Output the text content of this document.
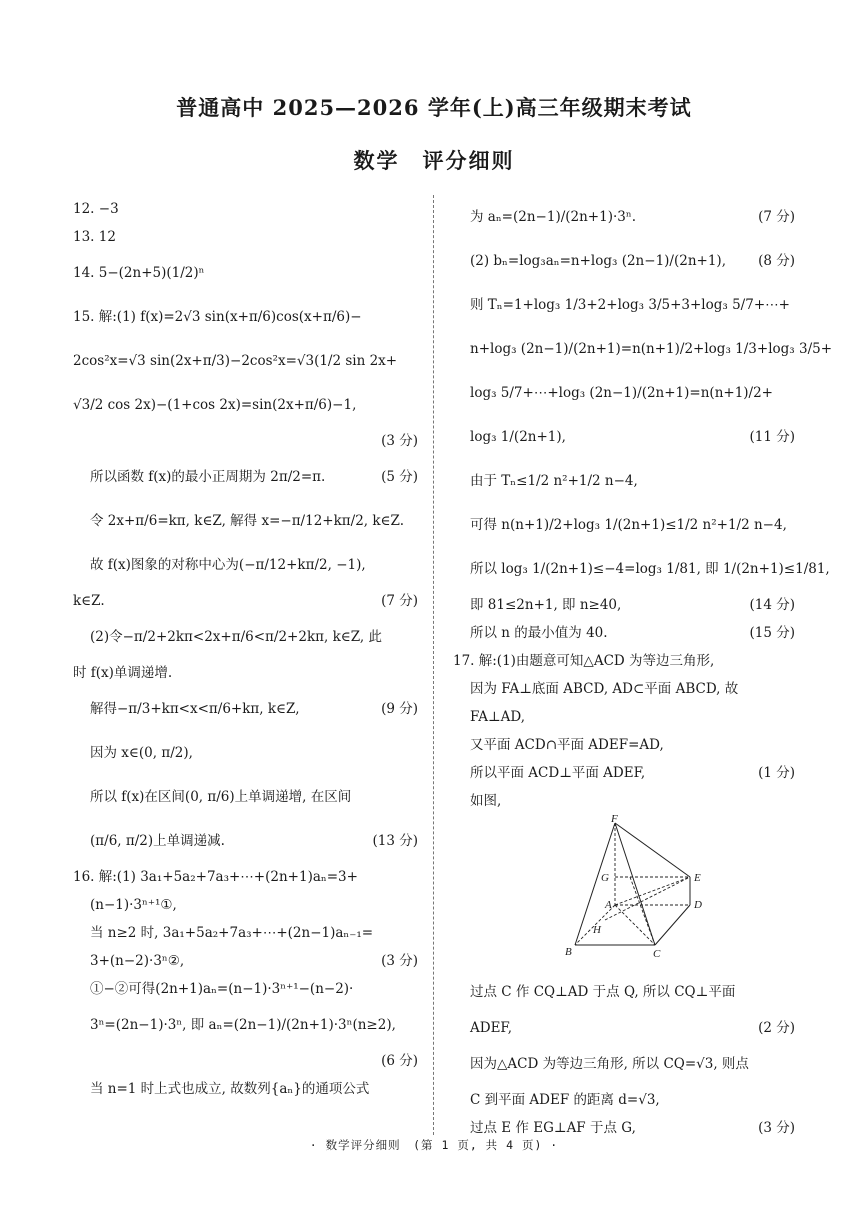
普通高中 2025—2026 学年(上)高三年级期末考试
数学　评分细则
12. −3
13. 12
14. 5−(2n+5)(1/2)ⁿ
15. 解:(1) f(x)=2√3 sin(x+π/6)cos(x+π/6)−
2cos²x=√3 sin(2x+π/3)−2cos²x=√3(1/2 sin 2x+
√3/2 cos 2x)−(1+cos 2x)=sin(2x+π/6)−1,
(3 分)
所以函数 f(x)的最小正周期为 2π/2=π.	(5 分)
令 2x+π/6=kπ, k∈Z, 解得 x=−π/12+kπ/2, k∈Z.
故 f(x)图象的对称中心为(−π/12+kπ/2, −1),
k∈Z.	(7 分)
(2)令−π/2+2kπ<2x+π/6<π/2+2kπ, k∈Z, 此
时 f(x)单调递增.
解得−π/3+kπ<x<π/6+kπ, k∈Z,	(9 分)
因为 x∈(0, π/2),
所以 f(x)在区间(0, π/6)上单调递增, 在区间
(π/6, π/2)上单调递减.	(13 分)
16. 解:(1) 3a₁+5a₂+7a₃+⋯+(2n+1)aₙ=3+
(n−1)·3ⁿ⁺¹①,
当 n≥2 时, 3a₁+5a₂+7a₃+⋯+(2n−1)aₙ₋₁=
3+(n−2)·3ⁿ②,	(3 分)
①−②可得(2n+1)aₙ=(n−1)·3ⁿ⁺¹−(n−2)·
3ⁿ=(2n−1)·3ⁿ, 即 aₙ=(2n−1)/(2n+1)·3ⁿ(n≥2),
(6 分)
当 n=1 时上式也成立, 故数列{aₙ}的通项公式
为 aₙ=(2n−1)/(2n+1)·3ⁿ.	(7 分)
(2) bₙ=log₃aₙ=n+log₃ (2n−1)/(2n+1), (8 分)
则 Tₙ=1+log₃ 1/3+2+log₃ 3/5+3+log₃ 5/7+⋯+
n+log₃ (2n−1)/(2n+1)=n(n+1)/2+log₃ 1/3+log₃ 3/5+
log₃ 5/7+⋯+log₃ (2n−1)/(2n+1)=n(n+1)/2+
log₃ 1/(2n+1),	(11 分)
由于 Tₙ≤1/2 n²+1/2 n−4,
可得 n(n+1)/2+log₃ 1/(2n+1)≤1/2 n²+1/2 n−4,
所以 log₃ 1/(2n+1)≤−4=log₃ 1/81, 即 1/(2n+1)≤1/81,
即 81≤2n+1, 即 n≥40,	(14 分)
所以 n 的最小值为 40.	(15 分)
17. 解:(1)由题意可知△ACD 为等边三角形,
因为 FA⊥底面 ABCD, AD⊂平面 ABCD, 故
FA⊥AD,
又平面 ACD∩平面 ADEF=AD,
所以平面 ACD⊥平面 ADEF,	(1 分)
如图,
F
G	E
A	D
H
B	C
过点 C 作 CQ⊥AD 于点 Q, 所以 CQ⊥平面
ADEF,	(2 分)
因为△ACD 为等边三角形, 所以 CQ=√3, 则点
C 到平面 ADEF 的距离 d=√3,
过点 E 作 EG⊥AF 于点 G,	(3 分)
· 数学评分细则　(第 1 页, 共 4 页) ·
